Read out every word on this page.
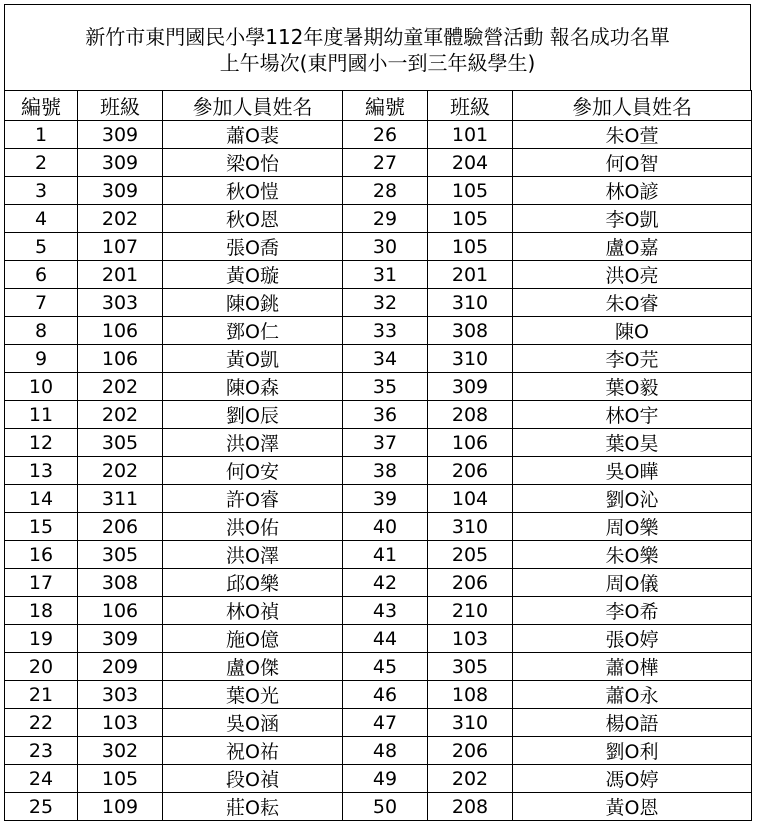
新竹市東門國民小學112年度暑期幼童軍體驗營活動 報名成功名單
上午場次(東門國小一到三年級學生)
編號	班級	參加人員姓名	編號	班級	參加人員姓名
1	309	蕭O裴	26	101	朱O萱
2	309	梁O怡	27	204	何O智
3	309	秋O愷	28	105	林O諺
4	202	秋O恩	29	105	李O凱
5	107	張O喬	30	105	盧O嘉
6	201	黃O璇	31	201	洪O亮
7	303	陳O銚	32	310	朱O睿
8	106	鄧O仁	33	308	陳O
9	106	黃O凱	34	310	李O芫
10	202	陳O森	35	309	葉O毅
11	202	劉O辰	36	208	林O宇
12	305	洪O澤	37	106	葉O昊
13	202	何O安	38	206	吳O曄
14	311	許O睿	39	104	劉O沁
15	206	洪O佑	40	310	周O樂
16	305	洪O澤	41	205	朱O樂
17	308	邱O樂	42	206	周O儀
18	106	林O禎	43	210	李O希
19	309	施O億	44	103	張O婷
20	209	盧O傑	45	305	蕭O樺
21	303	葉O光	46	108	蕭O永
22	103	吳O涵	47	310	楊O語
23	302	祝O祐	48	206	劉O利
24	105	段O禎	49	202	馮O婷
25	109	莊O耘	50	208	黃O恩
